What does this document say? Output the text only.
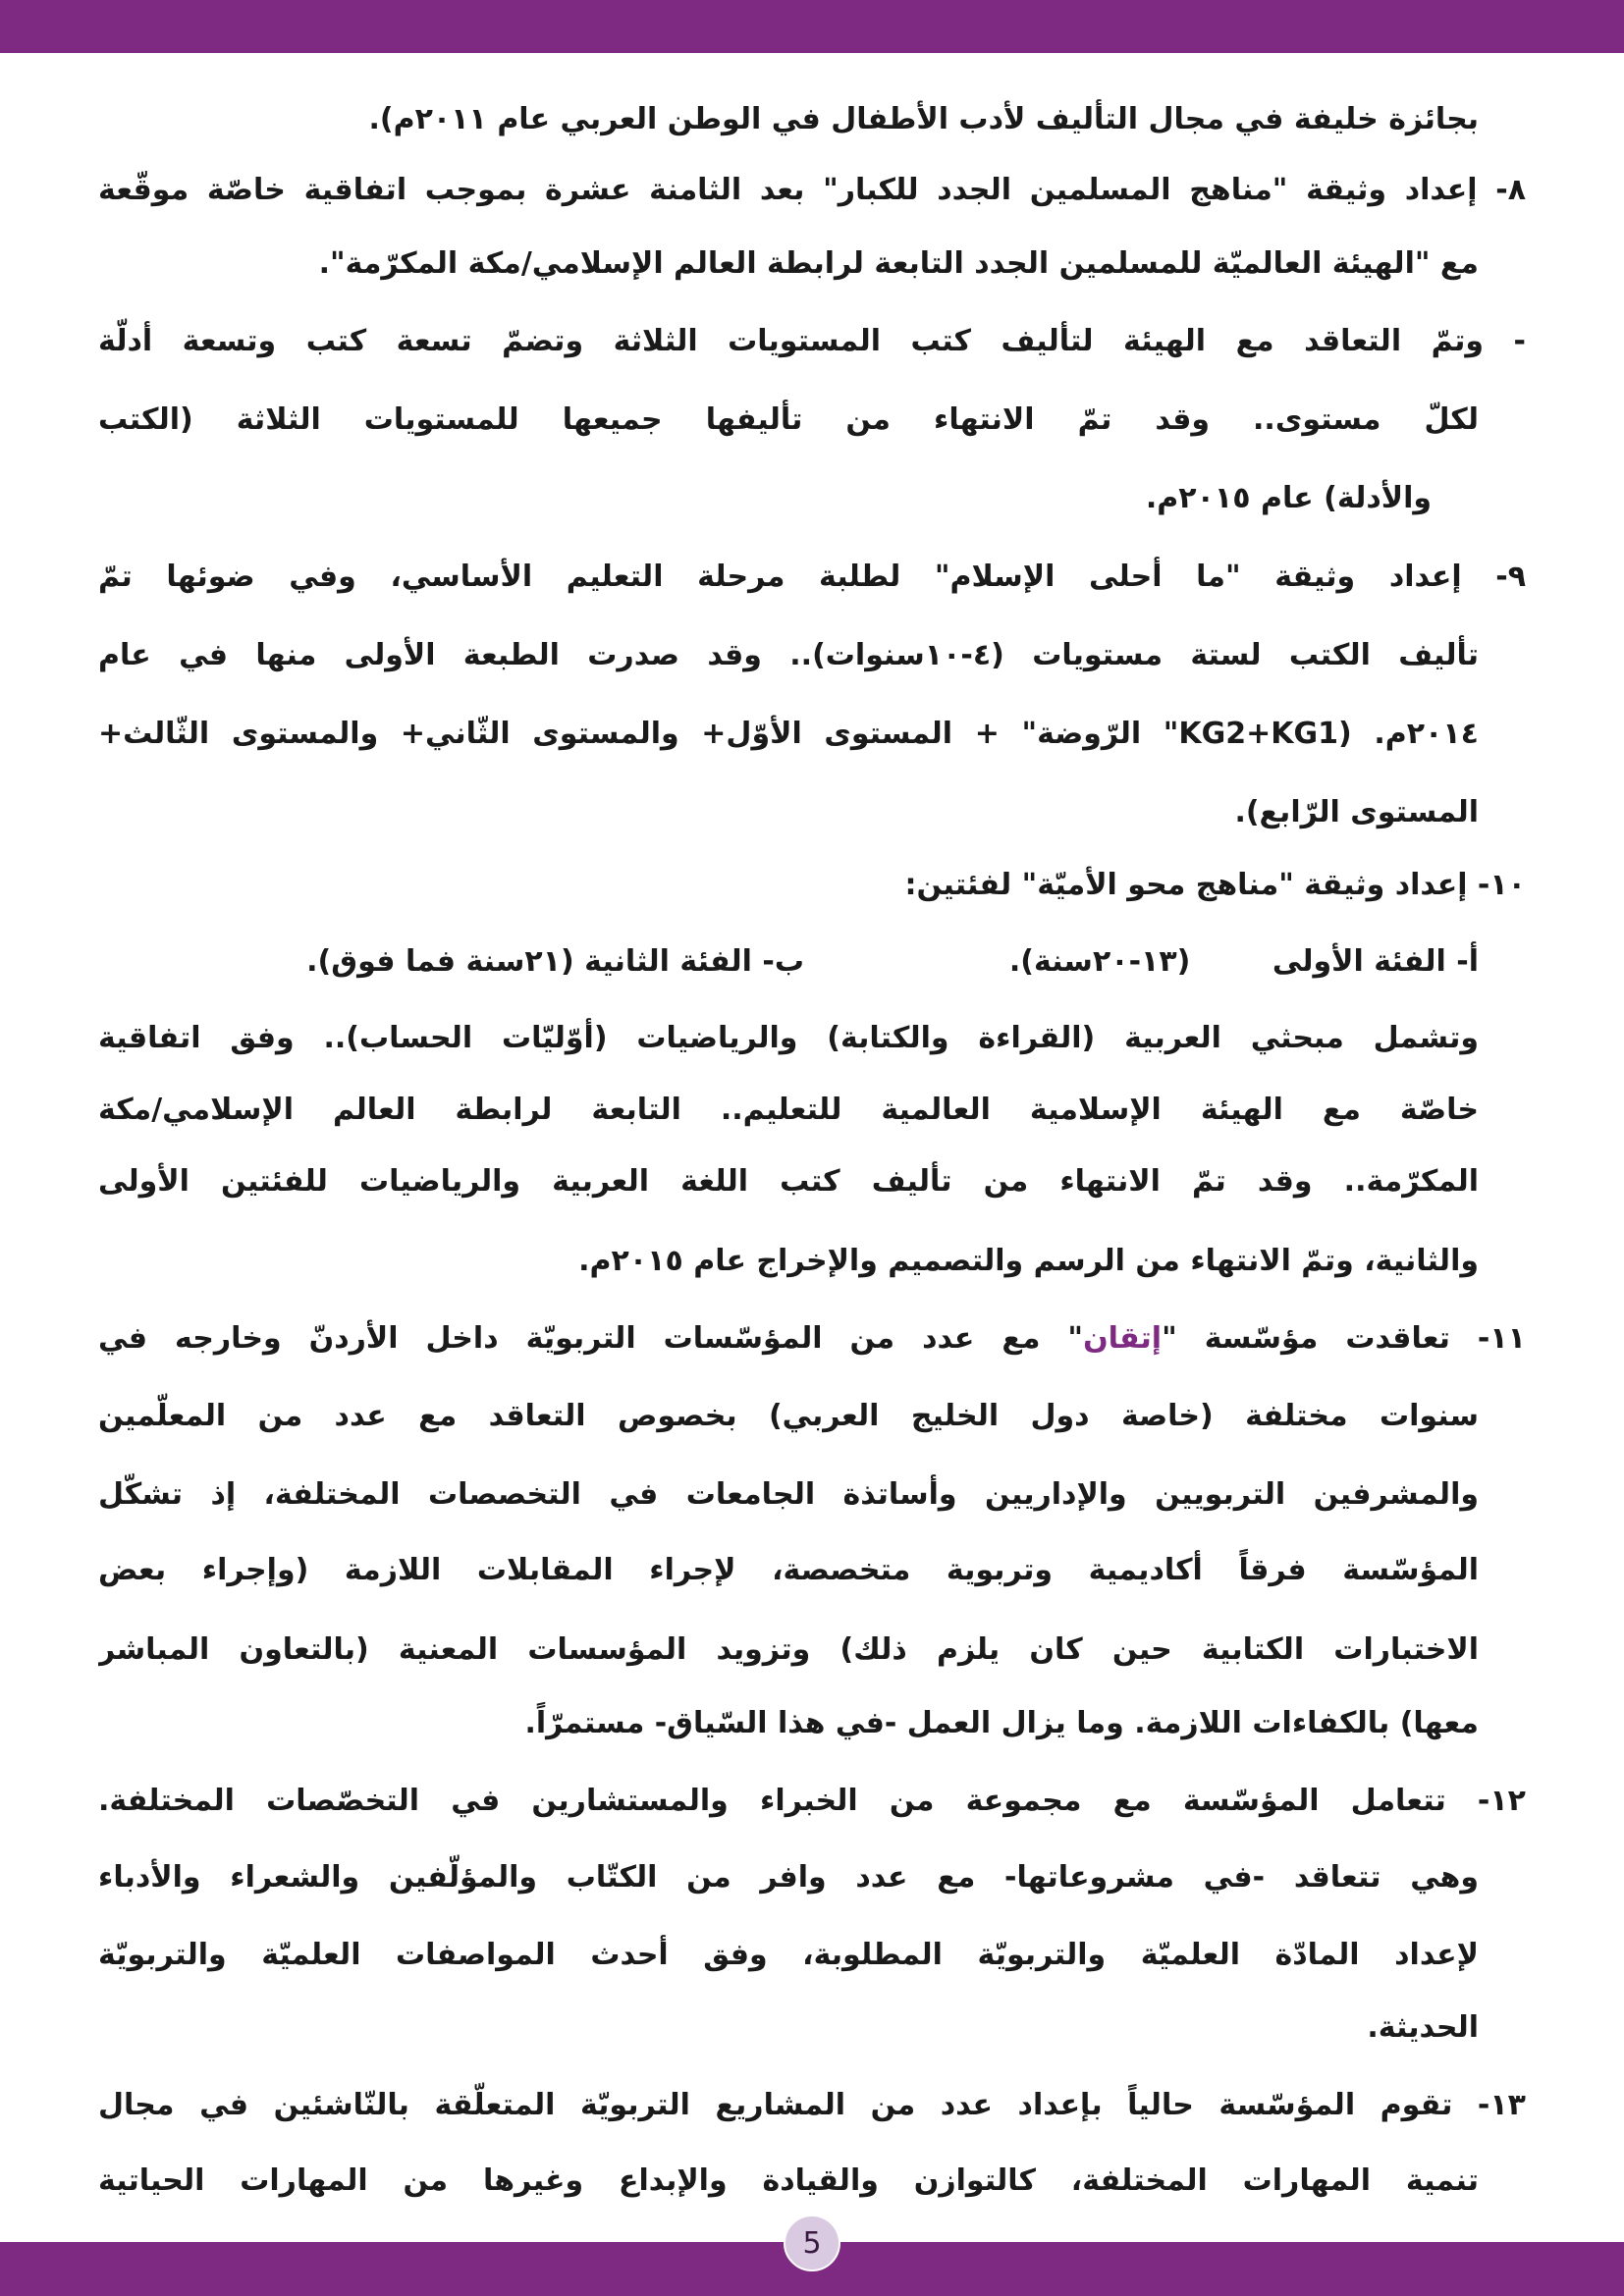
بجائزة خليفة في مجال التأليف لأدب الأطفال في الوطن العربي عام ٢٠١١م).
٨- إعداد وثيقة "مناهج المسلمين الجدد للكبار" بعد الثامنة عشرة بموجب اتفاقية خاصّة موقّعة
مع "الهيئة العالميّة للمسلمين الجدد التابعة لرابطة العالم الإسلامي/مكة المكرّمة".
- وتمّ التعاقد مع الهيئة لتأليف كتب المستويات الثلاثة وتضمّ تسعة كتب وتسعة أدلّة
لكلّ مستوى.. وقد تمّ الانتهاء من تأليفها جميعها للمستويات الثلاثة (الكتب
والأدلة) عام ٢٠١٥م.
٩- إعداد وثيقة "ما أحلى الإسلام" لطلبة مرحلة التعليم الأساسي، وفي ضوئها تمّ
تأليف الكتب لستة مستويات (٤-١٠سنوات).. وقد صدرت الطبعة الأولى منها في عام
٢٠١٤م. (KG2+KG1" الرّوضة" + المستوى الأوّل+ والمستوى الثّاني+ والمستوى الثّالث+
المستوى الرّابع).
١٠- إعداد وثيقة "مناهج محو الأميّة" لفئتين:
أ- الفئة الأولى        (١٣-٢٠سنة).                    ب- الفئة الثانية (٢١سنة فما فوق).
وتشمل مبحثي العربية (القراءة والكتابة) والرياضيات (أوّليّات الحساب).. وفق اتفاقية
خاصّة مع الهيئة الإسلامية العالمية للتعليم.. التابعة لرابطة العالم الإسلامي/مكة
المكرّمة.. وقد تمّ الانتهاء من تأليف كتب اللغة العربية والرياضيات للفئتين الأولى
والثانية، وتمّ الانتهاء من الرسم والتصميم والإخراج عام ٢٠١٥م.
١١- تعاقدت مؤسّسة "إتقان" مع عدد من المؤسّسات التربويّة داخل الأردنّ وخارجه في
سنوات مختلفة (خاصة دول الخليج العربي) بخصوص التعاقد مع عدد من المعلّمين
والمشرفين التربويين والإداريين وأساتذة الجامعات في التخصصات المختلفة، إذ تشكّل
المؤسّسة فرقاً أكاديمية وتربوية متخصصة، لإجراء المقابلات اللازمة (وإجراء بعض
الاختبارات الكتابية حين كان يلزم ذلك) وتزويد المؤسسات المعنية (بالتعاون المباشر
معها) بالكفاءات اللازمة. وما يزال العمل -في هذا السّياق- مستمرّاً.
١٢- تتعامل المؤسّسة مع مجموعة من الخبراء والمستشارين في التخصّصات المختلفة.
وهي تتعاقد -في مشروعاتها- مع عدد وافر من الكتّاب والمؤلّفين والشعراء والأدباء
لإعداد المادّة العلميّة والتربويّة المطلوبة، وفق أحدث المواصفات العلميّة والتربويّة
الحديثة.
١٣- تقوم المؤسّسة حالياً بإعداد عدد من المشاريع التربويّة المتعلّقة بالنّاشئين في مجال
تنمية المهارات المختلفة، كالتوازن والقيادة والإبداع وغيرها من المهارات الحياتية
5
